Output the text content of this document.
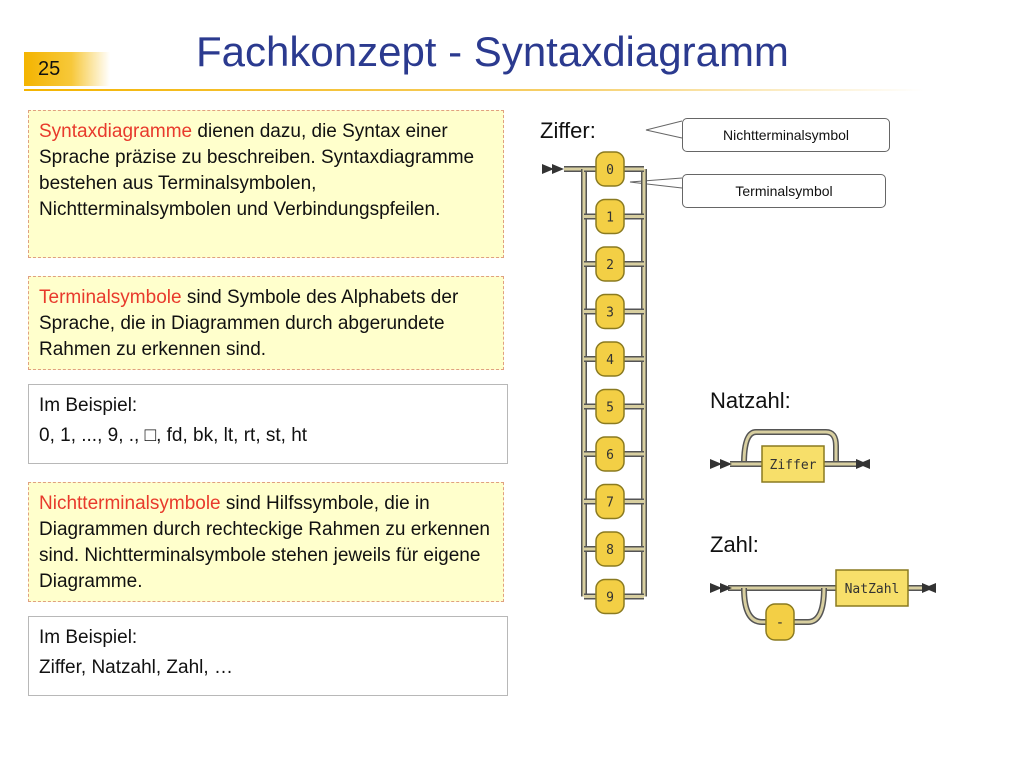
25	Fachkonzept - Syntaxdiagramm
Syntaxdiagramme dienen dazu, die Syntax einer Sprache präzise zu beschreiben. Syntaxdiagramme bestehen aus Terminalsymbolen, Nichtterminalsymbolen und Verbindungspfeilen.
Terminalsymbole sind Symbole des Alphabets der Sprache, die in Diagrammen durch abgerundete Rahmen zu erkennen sind.
Im Beispiel:
0, 1, ..., 9, ., □, fd, bk, lt, rt, st, ht
Nichtterminalsymbole sind Hilfssymbole, die in Diagrammen durch rechteckige Rahmen zu erkennen sind. Nichtterminalsymbole stehen jeweils für eigene Diagramme.
Im Beispiel:
Ziffer, Natzahl, Zahl, …
Ziffer:
Natzahl:
Zahl:
Nichtterminalsymbol
Terminalsymbol
0
1
2
3
4
5
6
7
8
9
Ziffer
-
NatZahl
